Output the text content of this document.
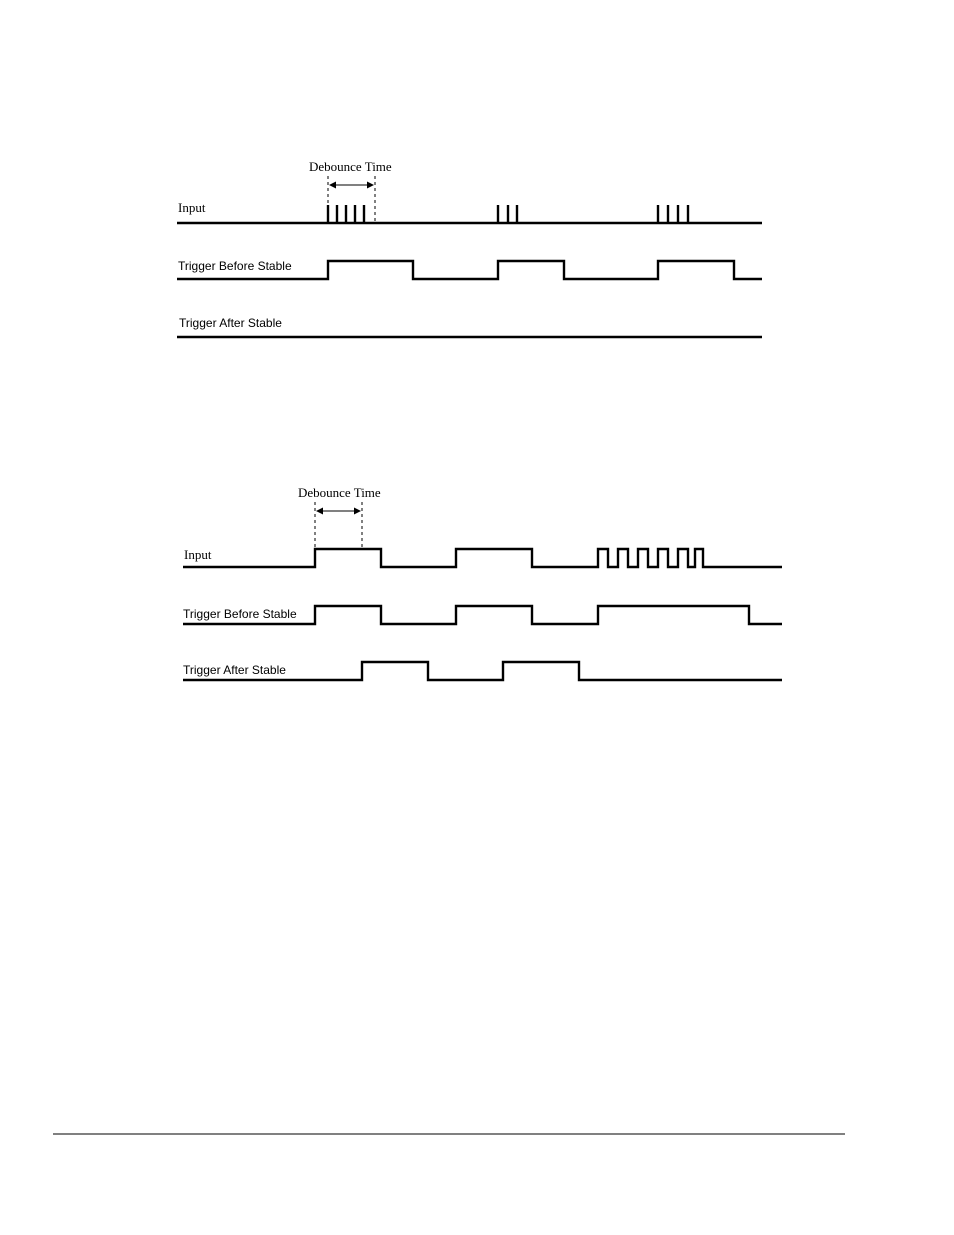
Debounce Time
Input
Trigger Before Stable
Trigger After Stable
Debounce Time
Input
Trigger Before Stable
Trigger After Stable
